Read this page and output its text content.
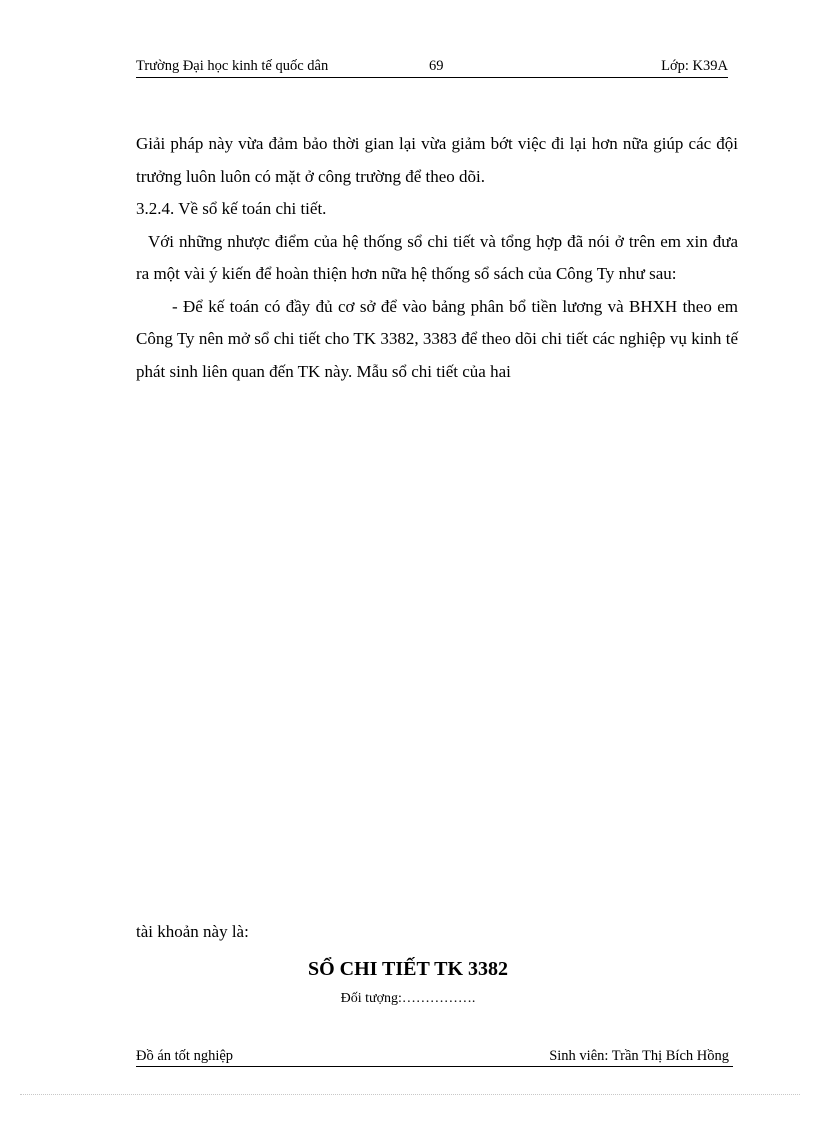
Trường Đại học kinh tế quốc dân	69	Lớp: K39A
Giải pháp này vừa đảm bảo thời gian lại vừa giảm bớt việc đi lại hơn nữa giúp các đội trưởng luôn luôn có mặt ở công trường để theo dõi.
3.2.4. Về sổ kế toán chi tiết.
Với những nhược điểm của hệ thống sổ chi tiết và tổng hợp đã nói ở trên em xin đưa ra một vài ý kiến để hoàn thiện hơn nữa hệ thống sổ sách của Công Ty như sau:
- Để kế toán có đầy đủ cơ sở để vào bảng phân bổ tiền lương và BHXH theo em Công Ty nên mở sổ chi tiết cho TK 3382, 3383 để theo dõi chi tiết các nghiệp vụ kinh tế phát sinh liên quan đến TK này. Mẫu sổ chi tiết của hai
tài khoản này là:
SỔ CHI TIẾT TK 3382
Đối tượng:…………….
Đồ án tốt nghiệp	Sinh viên: Trần Thị Bích Hồng
